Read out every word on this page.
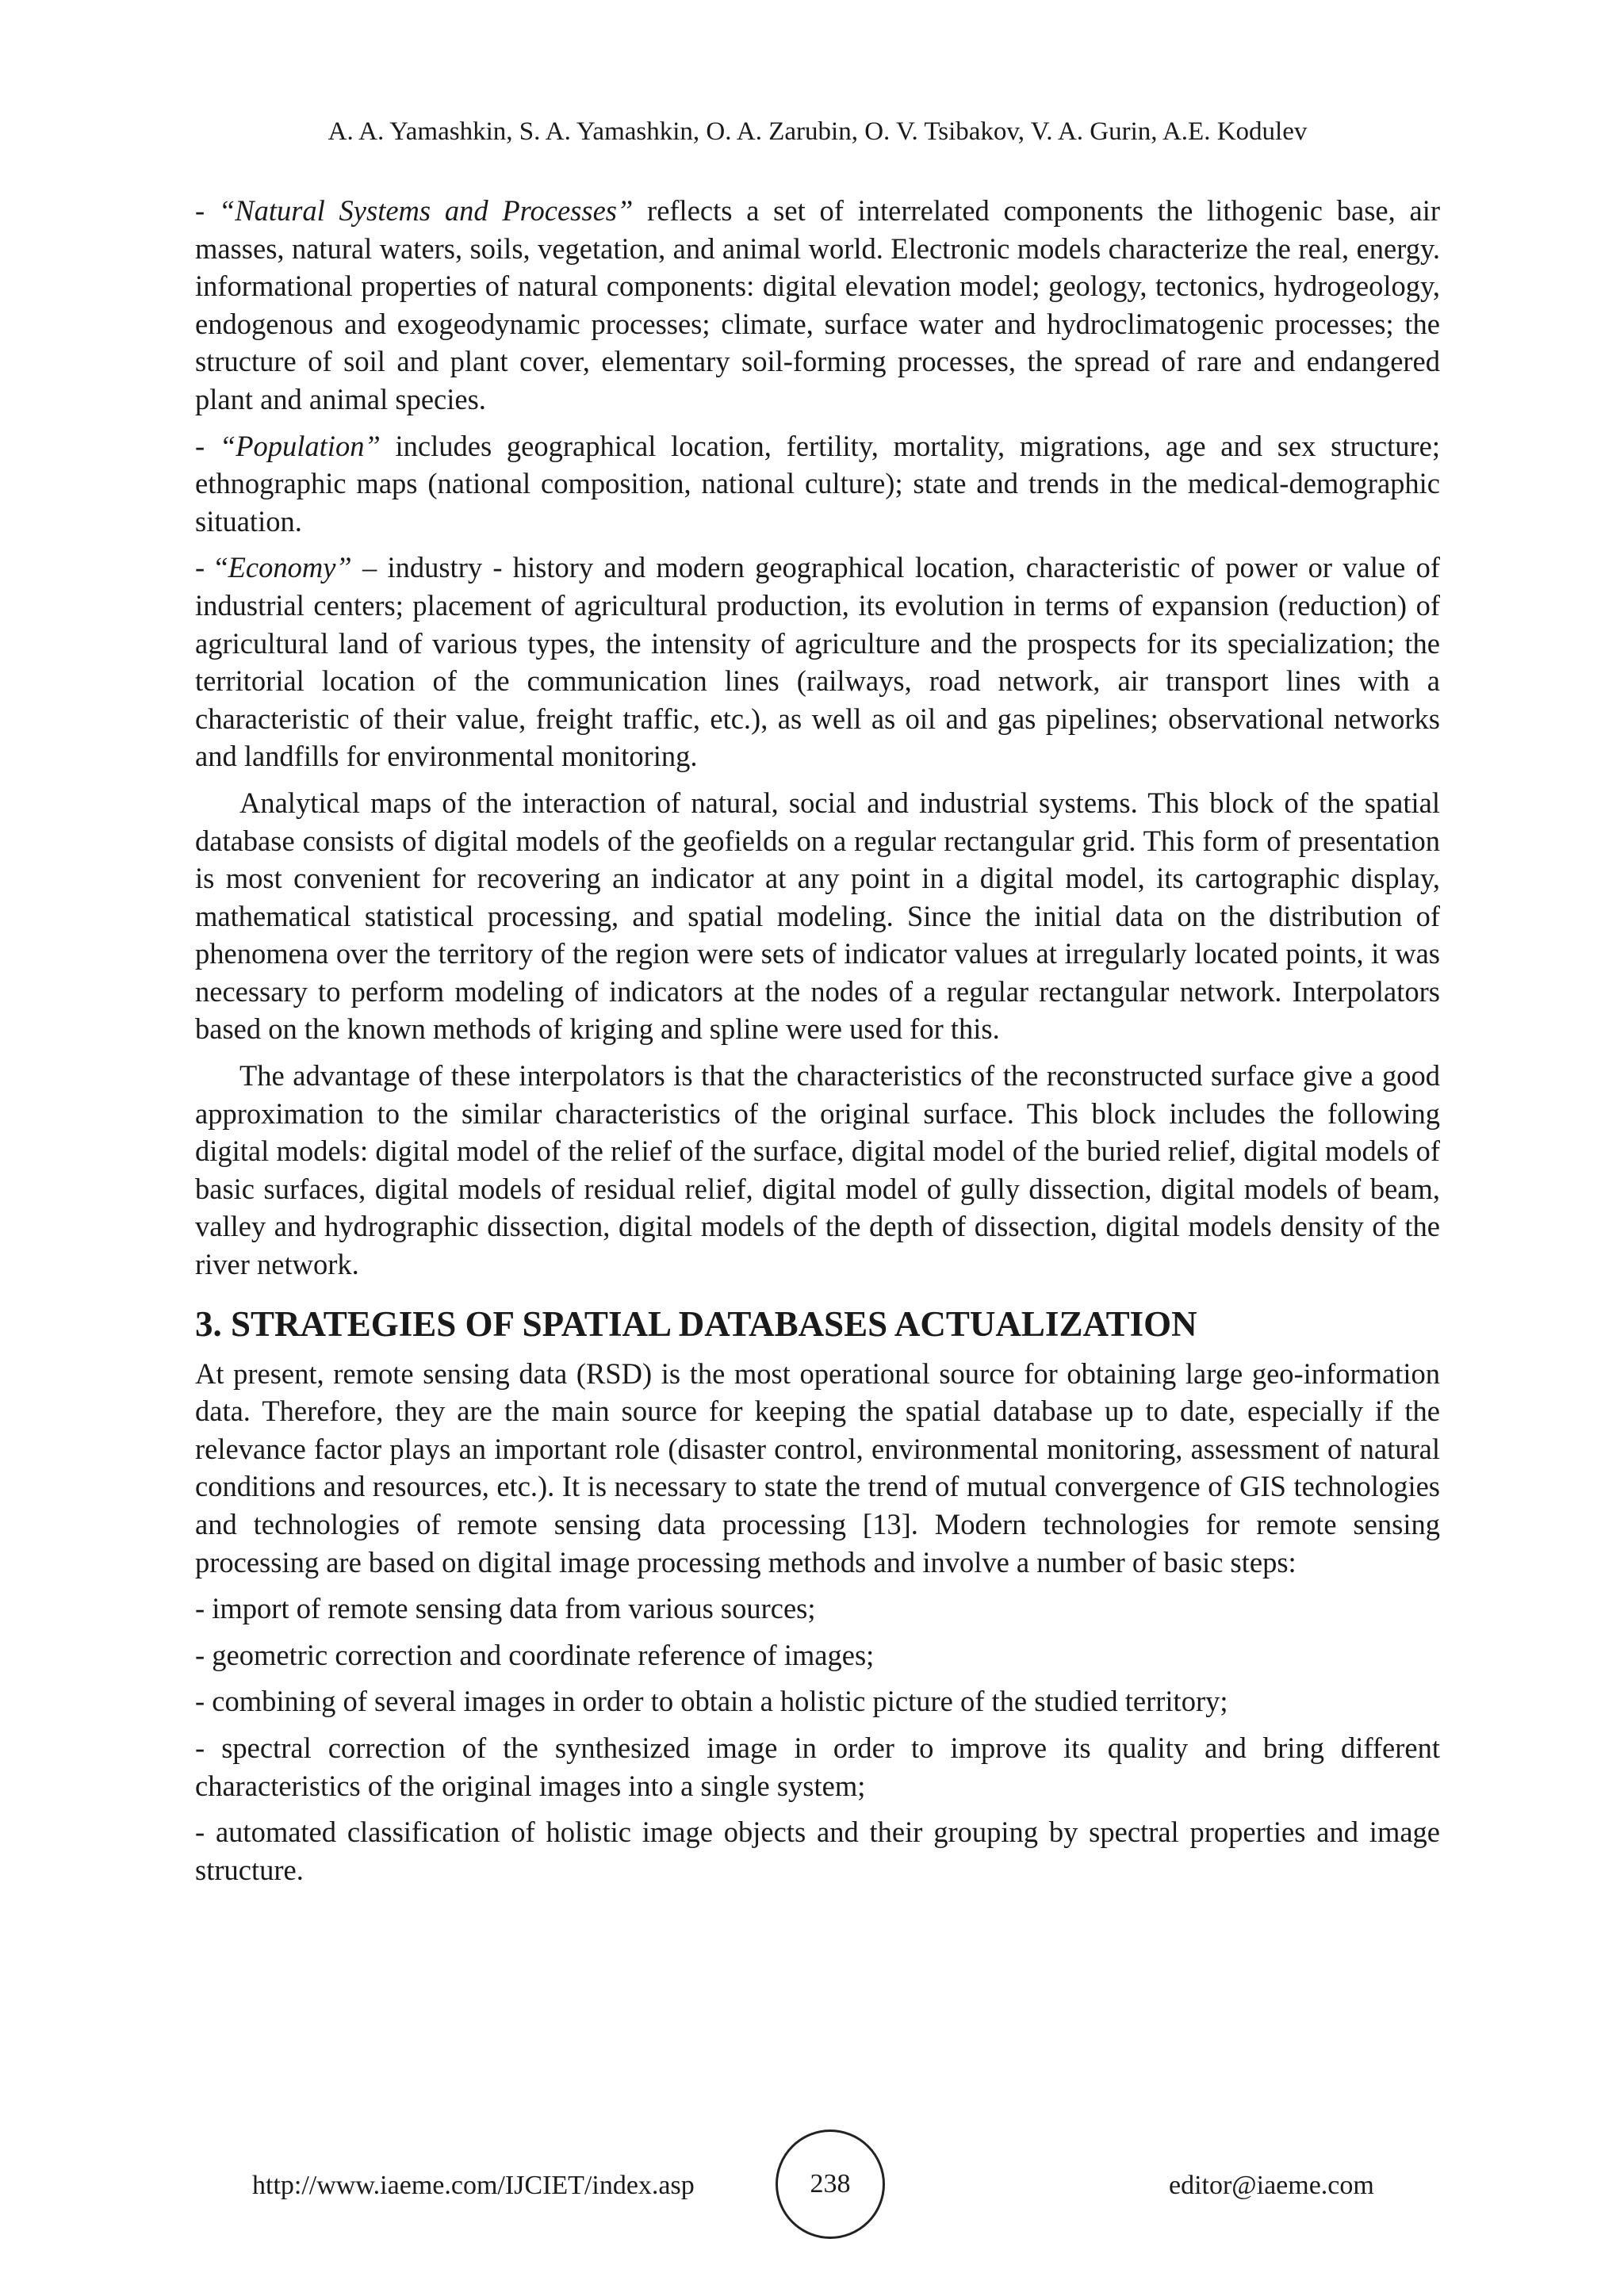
A. A. Yamashkin, S. A. Yamashkin, O. A. Zarubin, O. V. Tsibakov, V. A. Gurin, A.E. Kodulev

- “Natural Systems and Processes” reflects a set of interrelated components the lithogenic base, air masses, natural waters, soils, vegetation, and animal world. Electronic models characterize the real, energy. informational properties of natural components: digital elevation model; geology, tectonics, hydrogeology, endogenous and exogeodynamic processes; climate, surface water and hydroclimatogenic processes; the structure of soil and plant cover, elementary soil-forming processes, the spread of rare and endangered plant and animal species.

- “Population” includes geographical location, fertility, mortality, migrations, age and sex structure; ethnographic maps (national composition, national culture); state and trends in the medical-demographic situation.

- “Economy” – industry - history and modern geographical location, characteristic of power or value of industrial centers; placement of agricultural production, its evolution in terms of expansion (reduction) of agricultural land of various types, the intensity of agriculture and the prospects for its specialization; the territorial location of the communication lines (railways, road network, air transport lines with a characteristic of their value, freight traffic, etc.), as well as oil and gas pipelines; observational networks and landfills for environmental monitoring.

Analytical maps of the interaction of natural, social and industrial systems. This block of the spatial database consists of digital models of the geofields on a regular rectangular grid. This form of presentation is most convenient for recovering an indicator at any point in a digital model, its cartographic display, mathematical statistical processing, and spatial modeling. Since the initial data on the distribution of phenomena over the territory of the region were sets of indicator values at irregularly located points, it was necessary to perform modeling of indicators at the nodes of a regular rectangular network. Interpolators based on the known methods of kriging and spline were used for this.

The advantage of these interpolators is that the characteristics of the reconstructed surface give a good approximation to the similar characteristics of the original surface. This block includes the following digital models: digital model of the relief of the surface, digital model of the buried relief, digital models of basic surfaces, digital models of residual relief, digital model of gully dissection, digital models of beam, valley and hydrographic dissection, digital models of the depth of dissection, digital models density of the river network.

3. STRATEGIES OF SPATIAL DATABASES ACTUALIZATION

At present, remote sensing data (RSD) is the most operational source for obtaining large geo-information data. Therefore, they are the main source for keeping the spatial database up to date, especially if the relevance factor plays an important role (disaster control, environmental monitoring, assessment of natural conditions and resources, etc.). It is necessary to state the trend of mutual convergence of GIS technologies and technologies of remote sensing data processing [13]. Modern technologies for remote sensing processing are based on digital image processing methods and involve a number of basic steps:

- import of remote sensing data from various sources;

- geometric correction and coordinate reference of images;

- combining of several images in order to obtain a holistic picture of the studied territory;

- spectral correction of the synthesized image in order to improve its quality and bring different characteristics of the original images into a single system;

- automated classification of holistic image objects and their grouping by spectral properties and image structure.

http://www.iaeme.com/IJCIET/index.asp	238	editor@iaeme.com
